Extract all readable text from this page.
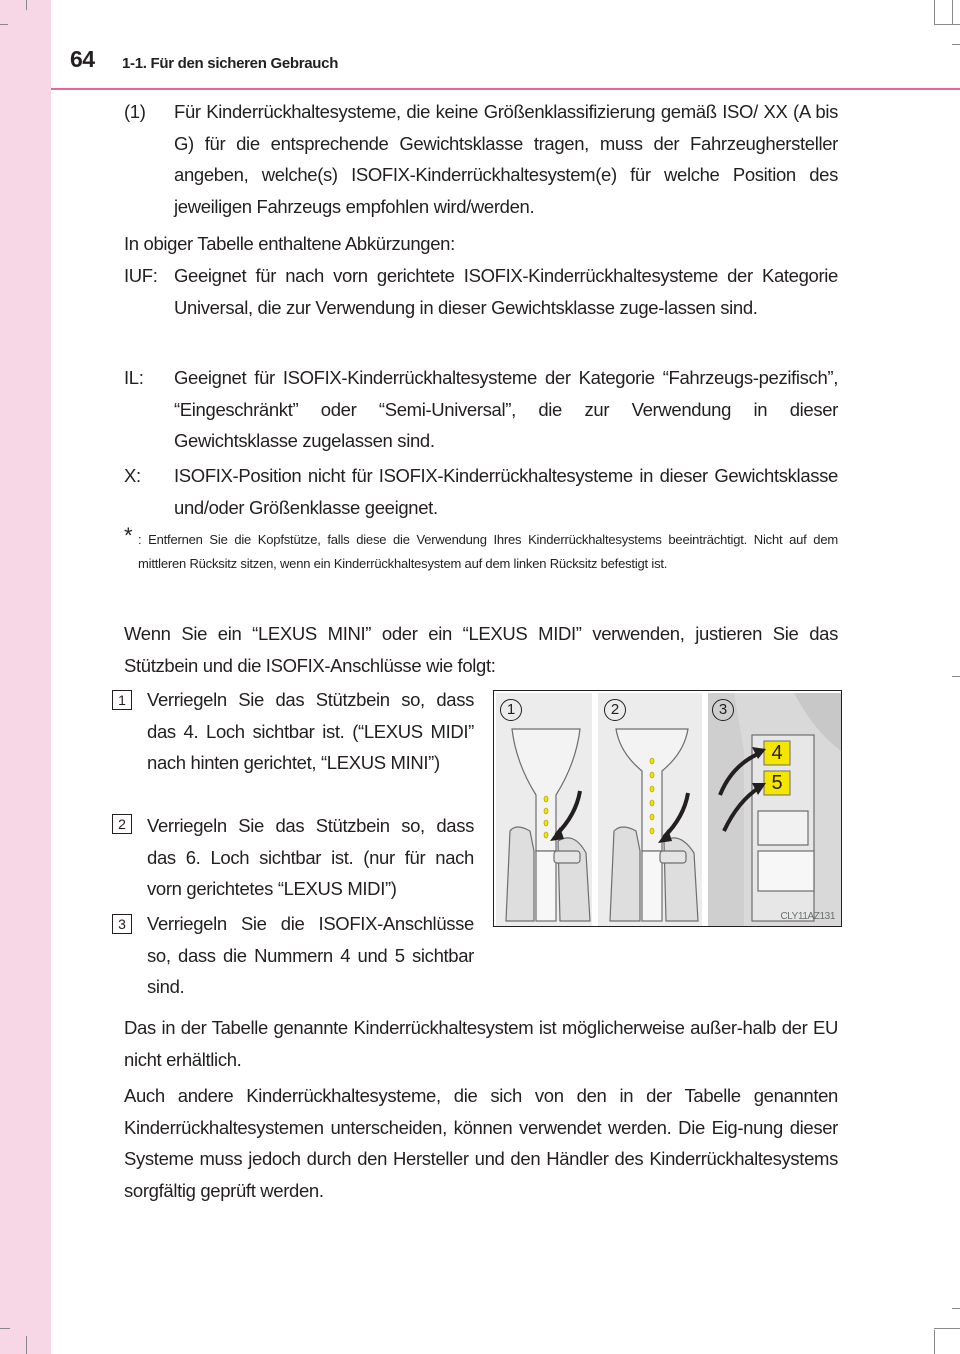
64 1-1. Für den sicheren Gebrauch
(1) Für Kinderrückhaltesysteme, die keine Größenklassifizierung gemäß ISO/ XX (A bis G) für die entsprechende Gewichtsklasse tragen, muss der Fahrzeughersteller angeben, welche(s) ISOFIX-Kinderrückhaltesystem(e) für welche Position des jeweiligen Fahrzeugs empfohlen wird/werden.
In obiger Tabelle enthaltene Abkürzungen:
IUF: Geeignet für nach vorn gerichtete ISOFIX-Kinderrückhaltesysteme der Kategorie Universal, die zur Verwendung in dieser Gewichtsklasse zuge-lassen sind.
IL: Geeignet für ISOFIX-Kinderrückhaltesysteme der Kategorie “Fahrzeugs-pezifisch”, “Eingeschränkt” oder “Semi-Universal”, die zur Verwendung in dieser Gewichtsklasse zugelassen sind.
X: ISOFIX-Position nicht für ISOFIX-Kinderrückhaltesysteme in dieser Gewichtsklasse und/oder Größenklasse geeignet.
* : Entfernen Sie die Kopfstütze, falls diese die Verwendung Ihres Kinderrückhaltesystems beeinträchtigt. Nicht auf dem mittleren Rücksitz sitzen, wenn ein Kinderrückhaltesystem auf dem linken Rücksitz befestigt ist.
Wenn Sie ein “LEXUS MINI” oder ein “LEXUS MIDI” verwenden, justieren Sie das Stützbein und die ISOFIX-Anschlüsse wie folgt:
1	Verriegeln Sie das Stützbein so, dass das 4. Loch sichtbar ist. (“LEXUS MIDI” nach hinten gerichtet, “LEXUS MINI”)
2	Verriegeln Sie das Stützbein so, dass das 6. Loch sichtbar ist. (nur für nach vorn gerichtetes “LEXUS MIDI”)
3	Verriegeln Sie die ISOFIX-Anschlüsse so, dass die Nummern 4 und 5 sichtbar sind.
1	2	3
4
5
CLY11AZ131
Das in der Tabelle genannte Kinderrückhaltesystem ist möglicherweise außer-halb der EU nicht erhältlich.
Auch andere Kinderrückhaltesysteme, die sich von den in der Tabelle genannten Kinderrückhaltesystemen unterscheiden, können verwendet werden. Die Eig-nung dieser Systeme muss jedoch durch den Hersteller und den Händler des Kinderrückhaltesystems sorgfältig geprüft werden.
